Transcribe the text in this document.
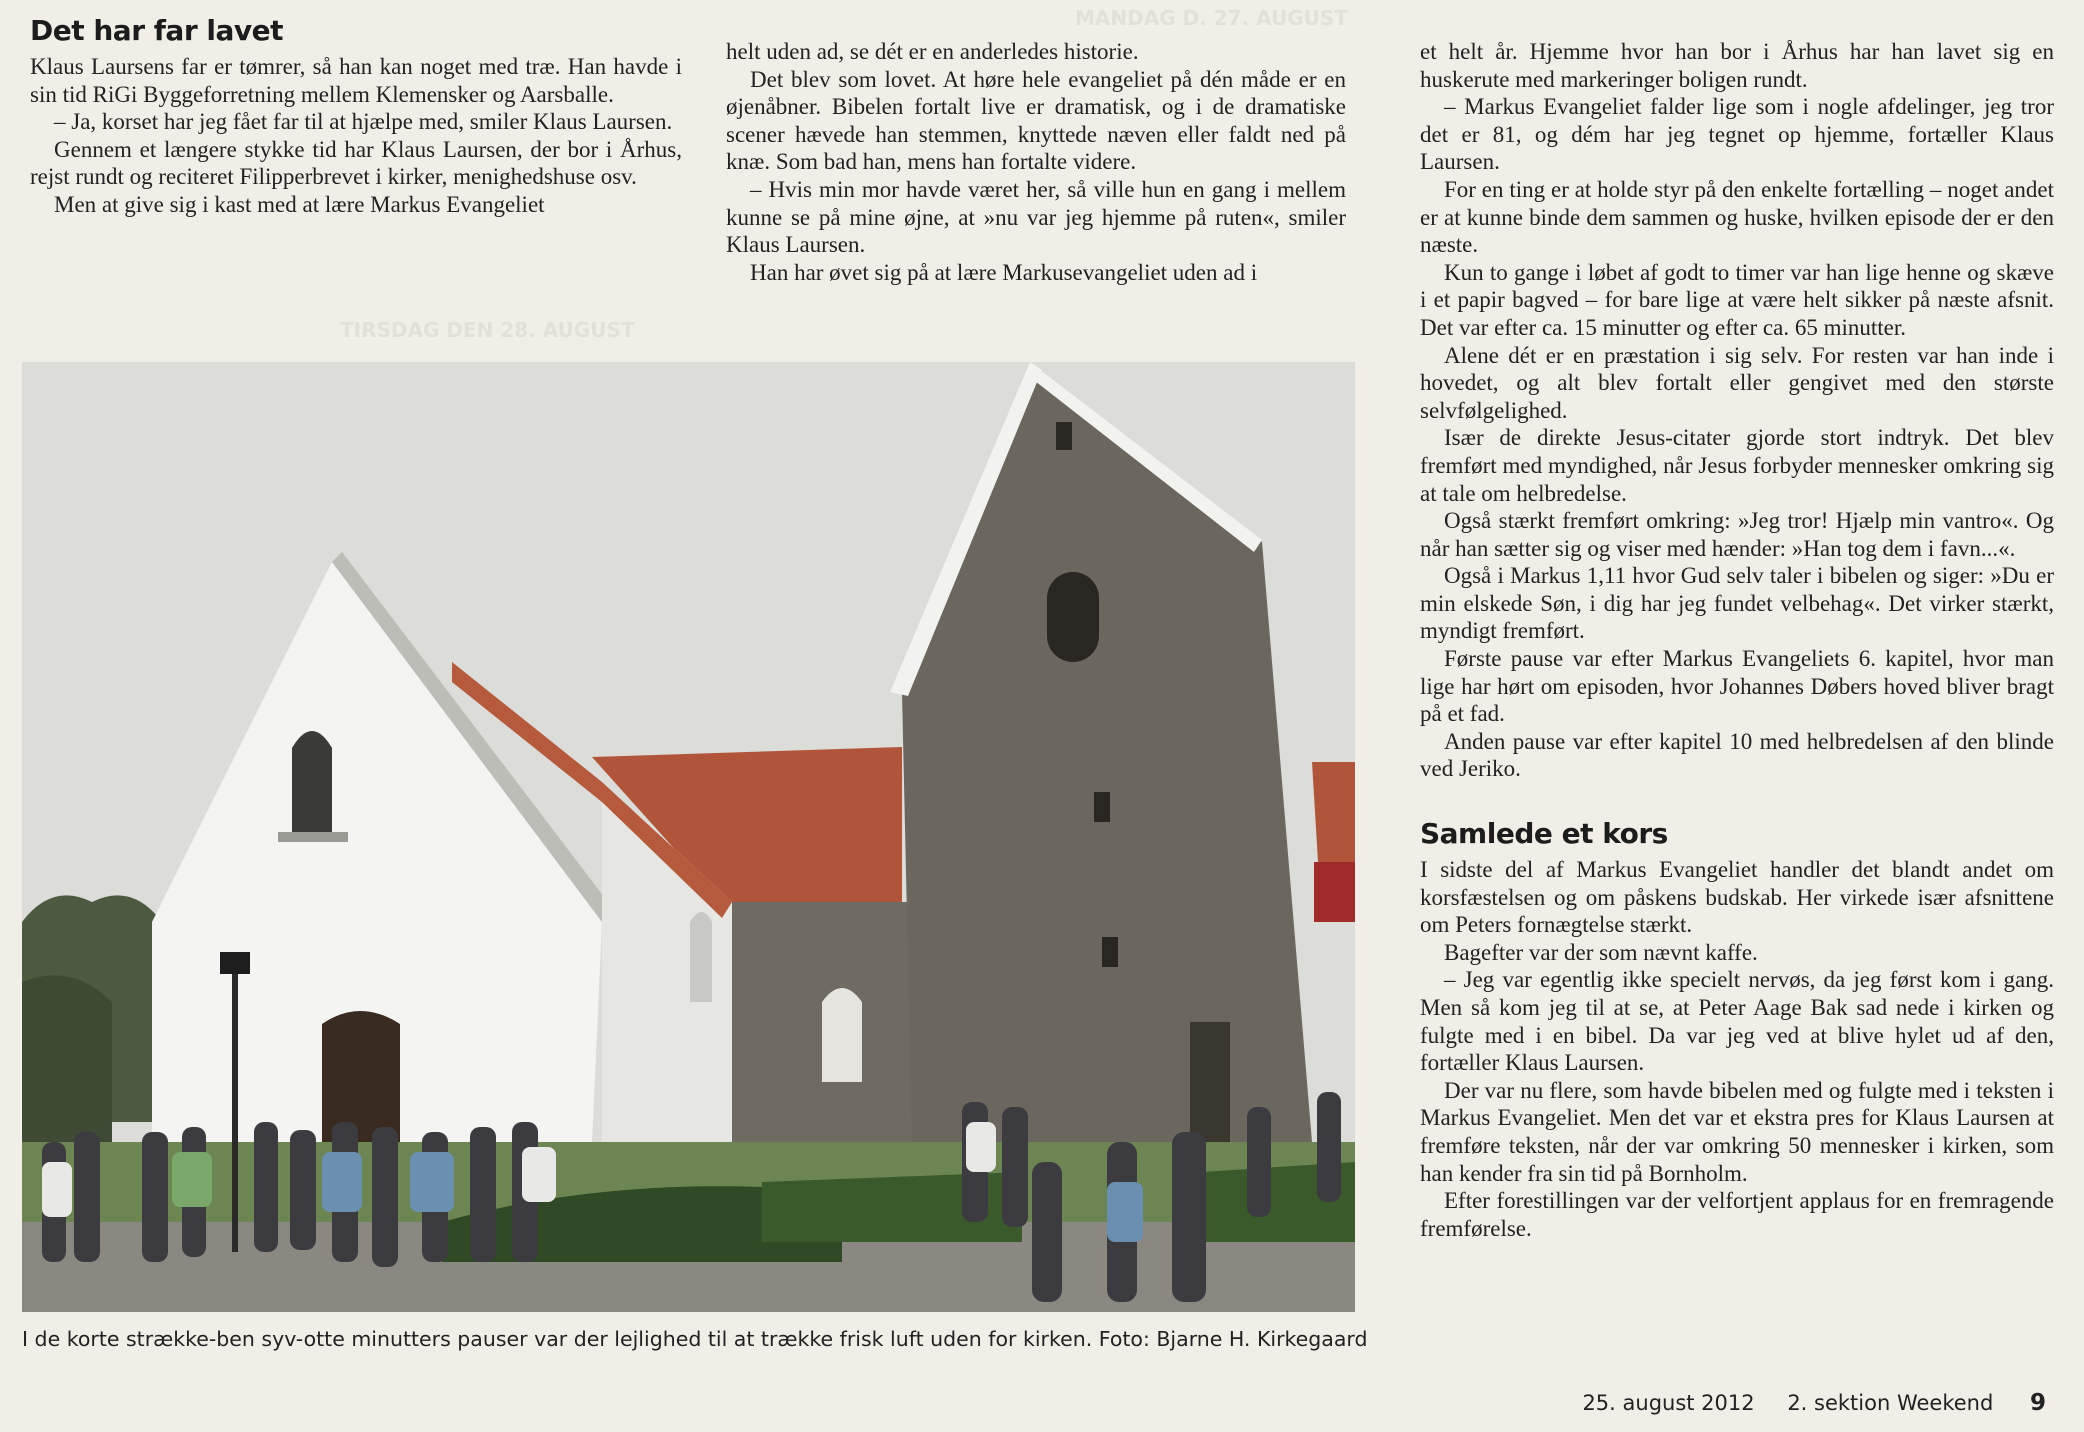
TIRSDAG DEN 28. AUGUST
MANDAG D. 27. AUGUST
Det har far lavet

Klaus Laursens far er tømrer, så han kan noget med træ. Han havde i sin tid RiGi Byggeforretning mellem Klemensker og Aarsballe.

– Ja, korset har jeg fået far til at hjælpe med, smiler Klaus Laursen.

Gennem et længere stykke tid har Klaus Laursen, der bor i Århus, rejst rundt og reciteret Filipperbrevet i kirker, menighedshuse osv.

Men at give sig i kast med at lære Markus Evangeliet

helt uden ad, se dét er en anderledes historie.

Det blev som lovet. At høre hele evangeliet på dén måde er en øjenåbner. Bibelen fortalt live er dramatisk, og i de dramatiske scener hævede han stemmen, knyttede næven eller faldt ned på knæ. Som bad han, mens han fortalte videre.

– Hvis min mor havde været her, så ville hun en gang i mellem kunne se på mine øjne, at »nu var jeg hjemme på ruten«, smiler Klaus Laursen.

Han har øvet sig på at lære Markusevangeliet uden ad i

et helt år. Hjemme hvor han bor i Århus har han lavet sig en huskerute med markeringer boligen rundt.

– Markus Evangeliet falder lige som i nogle afdelinger, jeg tror det er 81, og dém har jeg tegnet op hjemme, fortæller Klaus Laursen.

For en ting er at holde styr på den enkelte fortælling – noget andet er at kunne binde dem sammen og huske, hvilken episode der er den næste.

Kun to gange i løbet af godt to timer var han lige henne og skæve i et papir bagved – for bare lige at være helt sikker på næste afsnit. Det var efter ca. 15 minutter og efter ca. 65 minutter.

Alene dét er en præstation i sig selv. For resten var han inde i hovedet, og alt blev fortalt eller gengivet med den største selvfølgelighed.

Især de direkte Jesus-citater gjorde stort indtryk. Det blev fremført med myndighed, når Jesus forbyder mennesker omkring sig at tale om helbredelse.

Også stærkt fremført omkring: »Jeg tror! Hjælp min vantro«. Og når han sætter sig og viser med hænder: »Han tog dem i favn...«.

Også i Markus 1,11 hvor Gud selv taler i bibelen og siger: »Du er min elskede Søn, i dig har jeg fundet velbehag«. Det virker stærkt, myndigt fremført.

Første pause var efter Markus Evangeliets 6. kapitel, hvor man lige har hørt om episoden, hvor Johannes Døbers hoved bliver bragt på et fad.

Anden pause var efter kapitel 10 med helbredelsen af den blinde ved Jeriko.

Samlede et kors

I sidste del af Markus Evangeliet handler det blandt andet om korsfæstelsen og om påskens budskab. Her virkede især afsnittene om Peters fornægtelse stærkt.

Bagefter var der som nævnt kaffe.

– Jeg var egentlig ikke specielt nervøs, da jeg først kom i gang. Men så kom jeg til at se, at Peter Aage Bak sad nede i kirken og fulgte med i en bibel. Da var jeg ved at blive hylet ud af den, fortæller Klaus Laursen.

Der var nu flere, som havde bibelen med og fulgte med i teksten i Markus Evangeliet. Men det var et ekstra pres for Klaus Laursen at fremføre teksten, når der var omkring 50 mennesker i kirken, som han kender fra sin tid på Bornholm.

Efter forestillingen var der velfortjent applaus for en fremragende fremførelse.

I de korte strække-ben syv-otte minutters pauser var der lejlighed til at trække frisk luft uden for kirken. Foto: Bjarne H. Kirkegaard
25. august 2012 2. sektion Weekend 9
